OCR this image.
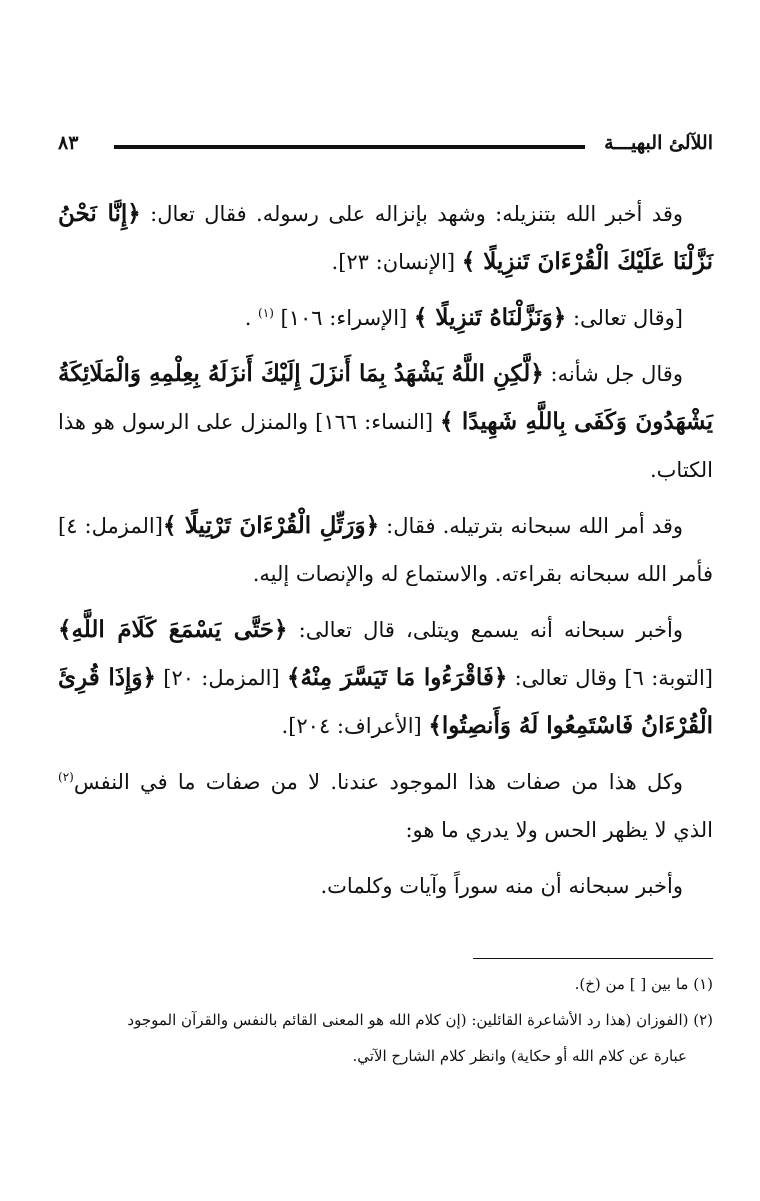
اللآلئ البهيـــة
٨٣

وقد أخبر الله بتنزيله: وشهد بإنزاله على رسوله. فقال تعال: ﴿إِنَّا نَحْنُ نَزَّلْنَا عَلَيْكَ الْقُرْءَانَ تَنزِيلًا ﴾ [الإنسان: ٢٣].

[وقال تعالى: ﴿وَنَزَّلْنَاهُ تَنزِيلًا ﴾ [الإسراء: ١٠٦] $^{(١)}$ .

وقال جل شأنه: ﴿لَّكِنِ اللَّهُ يَشْهَدُ بِمَا أَنزَلَ إِلَيْكَ أَنزَلَهُ بِعِلْمِهِ وَالْمَلَائِكَةُ يَشْهَدُونَ وَكَفَى بِاللَّهِ شَهِيدًا ﴾ [النساء: ١٦٦] والمنزل على الرسول هو هذا الكتاب.

وقد أمر الله سبحانه بترتيله. فقال: ﴿وَرَتِّلِ الْقُرْءَانَ تَرْتِيلًا ﴾[المزمل: ٤] فأمر الله سبحانه بقراءته. والاستماع له والإنصات إليه.

وأخبر سبحانه أنه يسمع ويتلى، قال تعالى: ﴿حَتَّى يَسْمَعَ كَلَامَ اللَّهِ﴾ [التوبة: ٦] وقال تعالى: ﴿فَاقْرَءُوا مَا تَيَسَّرَ مِنْهُ﴾ [المزمل: ٢٠] ﴿وَإِذَا قُرِئَ الْقُرْءَانُ فَاسْتَمِعُوا لَهُ وَأَنصِتُوا﴾ [الأعراف: ٢٠٤].

وكل هذا من صفات هذا الموجود عندنا. لا من صفات ما في النفس$^{(٢)}$ الذي لا يظهر الحس ولا يدري ما هو:

وأخبر سبحانه أن منه سوراً وآيات وكلمات.

(١) ما بين [ ] من (خ).

(٢) (الفوزان (هذا رد الأشاعرة القائلين: (إن كلام الله هو المعنى القائم بالنفس والقرآن الموجود

عبارة عن كلام الله أو حكاية) وانظر كلام الشارح الآتي.
